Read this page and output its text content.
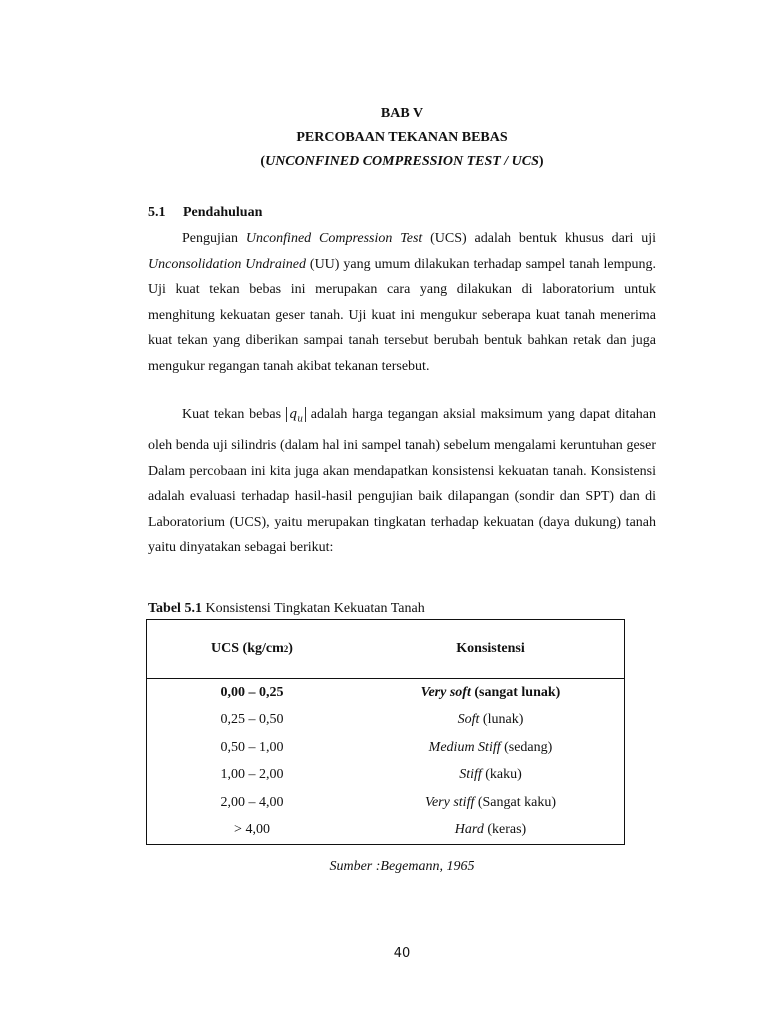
BAB V
PERCOBAAN TEKANAN BEBAS
(UNCONFINED COMPRESSION TEST / UCS)
5.1 Pendahuluan

Pengujian Unconfined Compression Test (UCS) adalah bentuk khusus dari uji Unconsolidation Undrained (UU) yang umum dilakukan terhadap sampel tanah lempung. Uji kuat tekan bebas ini merupakan cara yang dilakukan di laboratorium untuk menghitung kekuatan geser tanah. Uji kuat ini mengukur seberapa kuat tanah menerima kuat tekan yang diberikan sampai tanah tersebut berubah bentuk bahkan retak dan juga mengukur regangan tanah akibat tekanan tersebut.

Kuat tekan bebas $q_u$ adalah harga tegangan aksial maksimum yang dapat ditahan oleh benda uji silindris (dalam hal ini sampel tanah) sebelum mengalami keruntuhan geser Dalam percobaan ini kita juga akan mendapatkan konsistensi kekuatan tanah. Konsistensi adalah evaluasi terhadap hasil-hasil pengujian baik dilapangan (sondir dan SPT) dan di Laboratorium (UCS), yaitu merupakan tingkatan terhadap kekuatan (daya dukung) tanah yaitu dinyatakan sebagai berikut:

Tabel 5.1 Konsistensi Tingkatan Kekuatan Tanah
UCS (kg/cm 2 )	Konsistensi
0,00 – 0,25	Very soft (sangat lunak)
0,25 – 0,50	Soft (lunak)
0,50 – 1,00	Medium Stiff (sedang)
1,00 – 2,00	Stiff (kaku)
2,00 – 4,00	Very stiff (Sangat kaku)
> 4,00	Hard (keras)
Sumber :Begemann, 1965
40
